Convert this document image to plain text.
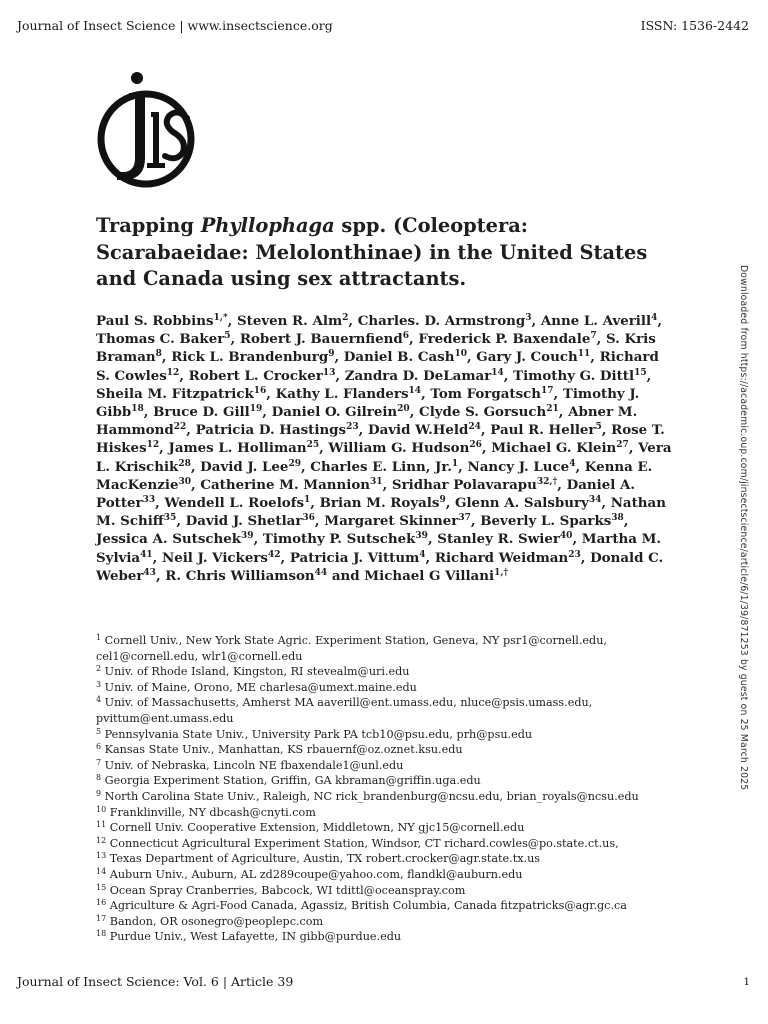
Journal of Insect Science | www.insectscience.org	ISSN: 1536-2442
Trapping Phyllophaga spp. (Coleoptera: Scarabaeidae: Melolonthinae) in the United States and Canada using sex attractants.
Paul S. Robbins$^{1,*}$, Steven R. Alm$^2$, Charles. D. Armstrong$^3$, Anne L. Averill$^4$, Thomas C. Baker$^5$, Robert J. Bauernfiend$^6$, Frederick P. Baxendale$^7$, S. Kris Braman$^8$, Rick L. Brandenburg$^9$, Daniel B. Cash$^{10}$, Gary J. Couch$^{11}$, Richard S. Cowles$^{12}$, Robert L. Crocker$^{13}$, Zandra D. DeLamar$^{14}$, Timothy G. Dittl$^{15}$, Sheila M. Fitzpatrick$^{16}$, Kathy L. Flanders$^{14}$, Tom Forgatsch$^{17}$, Timothy J. Gibb$^{18}$, Bruce D. Gill$^{19}$, Daniel O. Gilrein$^{20}$, Clyde S. Gorsuch$^{21}$, Abner M. Hammond$^{22}$, Patricia D. Hastings$^{23}$, David W.Held$^{24}$, Paul R. Heller$^5$, Rose T. Hiskes$^{12}$, James L. Holliman$^{25}$, William G. Hudson$^{26}$, Michael G. Klein$^{27}$, Vera L. Krischik$^{28}$, David J. Lee$^{29}$, Charles E. Linn, Jr.$^1$, Nancy J. Luce$^4$, Kenna E. MacKenzie$^{30}$, Catherine M. Mannion$^{31}$, Sridhar Polavarapu$^{32,\dagger}$, Daniel A. Potter$^{33}$, Wendell L. Roelofs$^1$, Brian M. Royals$^9$, Glenn A. Salsbury$^{34}$, Nathan M. Schiff$^{35}$, David J. Shetlar$^{36}$, Margaret Skinner$^{37}$, Beverly L. Sparks$^{38}$, Jessica A. Sutschek$^{39}$, Timothy P. Sutschek$^{39}$, Stanley R. Swier$^{40}$, Martha M. Sylvia$^{41}$, Neil J. Vickers$^{42}$, Patricia J. Vittum$^4$, Richard Weidman$^{23}$, Donald C. Weber$^{43}$, R. Chris Williamson$^{44}$ and Michael G Villani$^{1,\dagger}$
$^1$ Cornell Univ., New York State Agric. Experiment Station, Geneva, NY psr1@cornell.edu, cel1@cornell.edu, wlr1@cornell.edu
$^2$ Univ. of Rhode Island, Kingston, RI stevealm@uri.edu
$^3$ Univ. of Maine, Orono, ME charlesa@umext.maine.edu
$^4$ Univ. of Massachusetts, Amherst MA aaverill@ent.umass.edu, nluce@psis.umass.edu, pvittum@ent.umass.edu
$^5$ Pennsylvania State Univ., University Park PA tcb10@psu.edu, prh@psu.edu
$^6$ Kansas State Univ., Manhattan, KS rbauernf@oz.oznet.ksu.edu
$^7$ Univ. of Nebraska, Lincoln NE fbaxendale1@unl.edu
$^8$ Georgia Experiment Station, Griffin, GA kbraman@griffin.uga.edu
$^9$ North Carolina State Univ., Raleigh, NC rick_brandenburg@ncsu.edu, brian_royals@ncsu.edu
$^{10}$ Franklinville, NY dbcash@cnyti.com
$^{11}$ Cornell Univ. Cooperative Extension, Middletown, NY gjc15@cornell.edu
$^{12}$ Connecticut Agricultural Experiment Station, Windsor, CT richard.cowles@po.state.ct.us,
$^{13}$ Texas Department of Agriculture, Austin, TX robert.crocker@agr.state.tx.us
$^{14}$ Auburn Univ., Auburn, AL zd289coupe@yahoo.com, flandkl@auburn.edu
$^{15}$ Ocean Spray Cranberries, Babcock, WI tdittl@oceanspray.com
$^{16}$ Agriculture & Agri-Food Canada, Agassiz, British Columbia, Canada fitzpatricks@agr.gc.ca
$^{17}$ Bandon, OR osonegro@peoplepc.com
$^{18}$ Purdue Univ., West Lafayette, IN gibb@purdue.edu
Downloaded from https://academic.oup.com/jinsectscience/article/6/1/39/871253 by guest on 25 March 2025
Journal of Insect Science: Vol. 6 | Article 39	1
